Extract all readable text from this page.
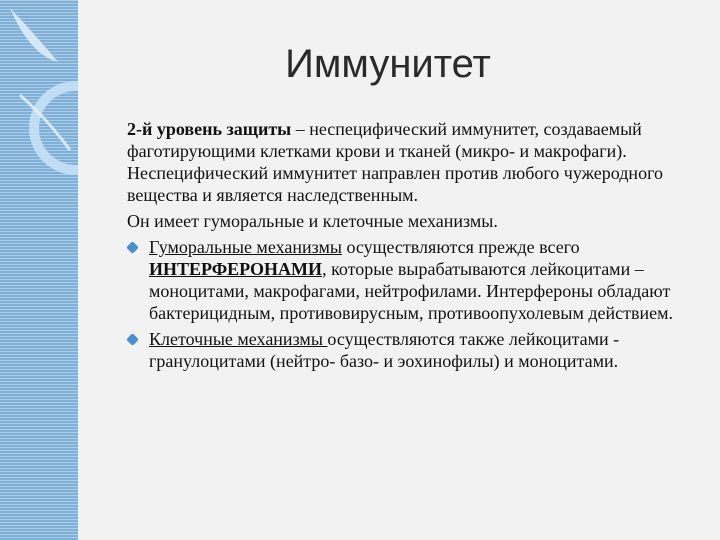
Иммунитет

2-й уровень защиты – неспецифический иммунитет, создаваемый фаготирующими клетками крови и тканей (микро- и макрофаги). Неспецифический иммунитет направлен против любого чужеродного вещества и является наследственным.

Он имеет гуморальные и клеточные механизмы.

Гуморальные механизмы осуществляются прежде всего ИНТЕРФЕРОНАМИ, которые вырабатываются лейкоцитами – моноцитами, макрофагами, нейтрофилами. Интерфероны обладают бактерицидным, противовирусным, противоопухолевым действием.
Клеточные механизмы осуществляются также лейкоцитами - гранулоцитами (нейтро- базо- и эохинофилы) и моноцитами.
